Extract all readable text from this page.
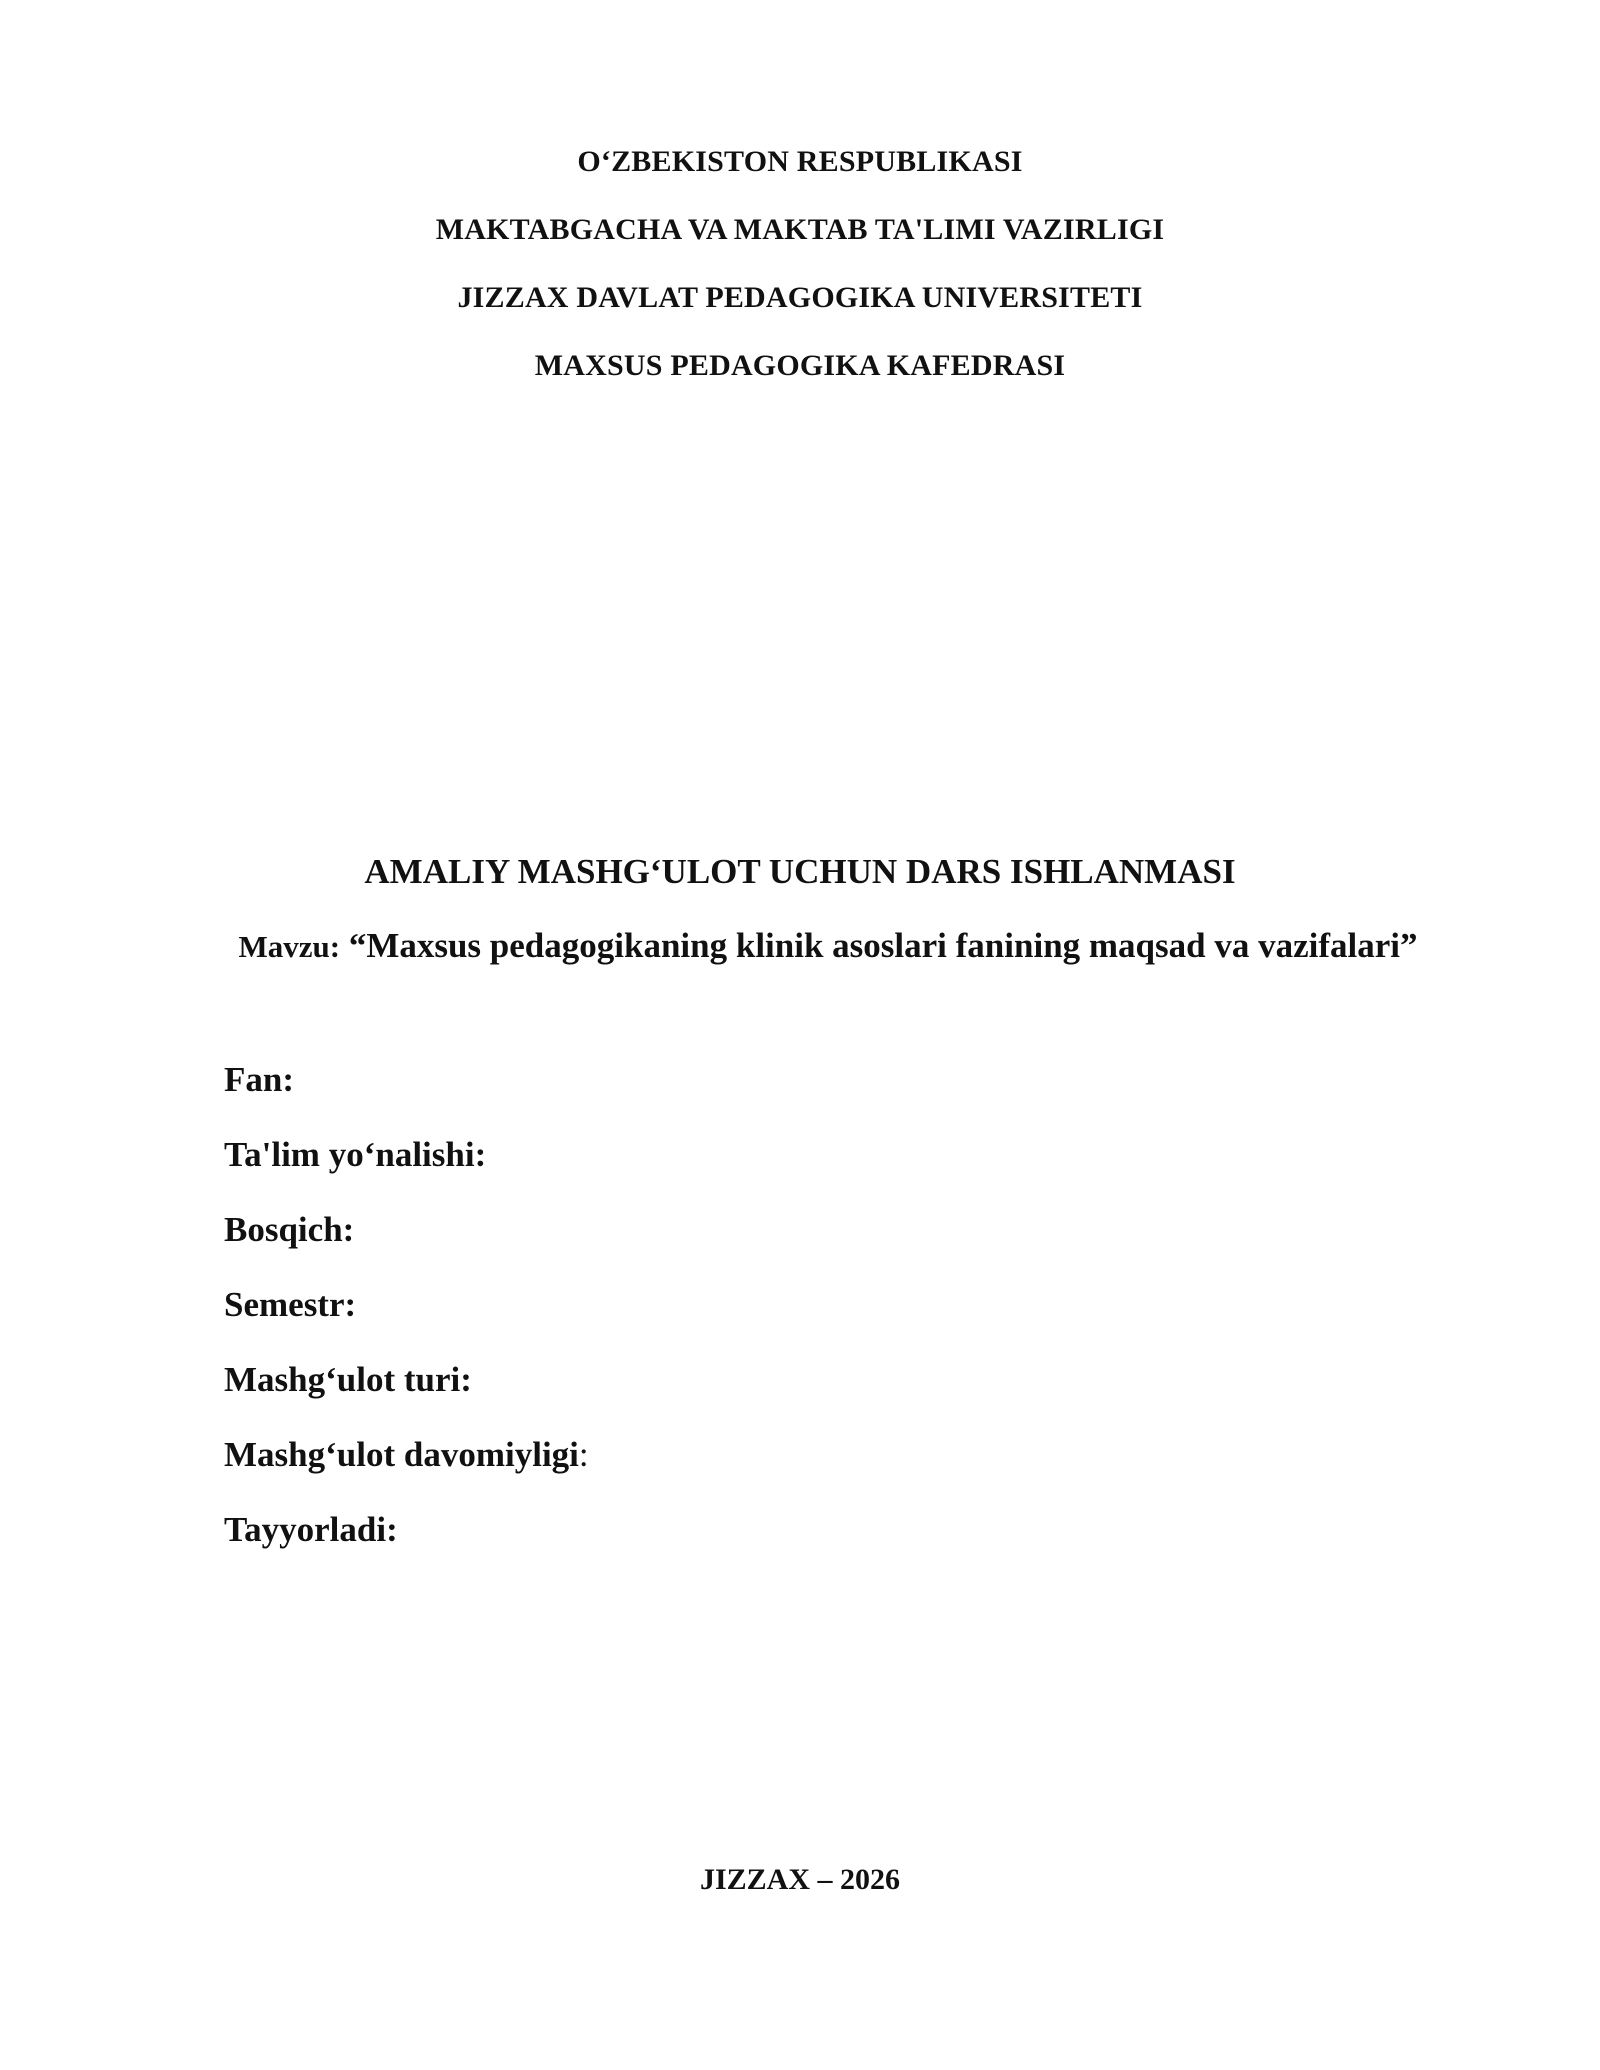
O‘ZBEKISTON RESPUBLIKASI

MAKTABGACHA VA MAKTAB TA'LIMI VAZIRLIGI

JIZZAX DAVLAT PEDAGOGIKA UNIVERSITETI

MAXSUS PEDAGOGIKA KAFEDRASI

AMALIY MASHG‘ULOT UCHUN DARS ISHLANMASI

Mavzu: “Maxsus pedagogikaning klinik asoslari fanining maqsad va vazifalari”

Fan:

Ta'lim yo‘nalishi:

Bosqich:

Semestr:

Mashg‘ulot turi:

Mashg‘ulot davomiyligi:

Tayyorladi:

JIZZAX – 2026
